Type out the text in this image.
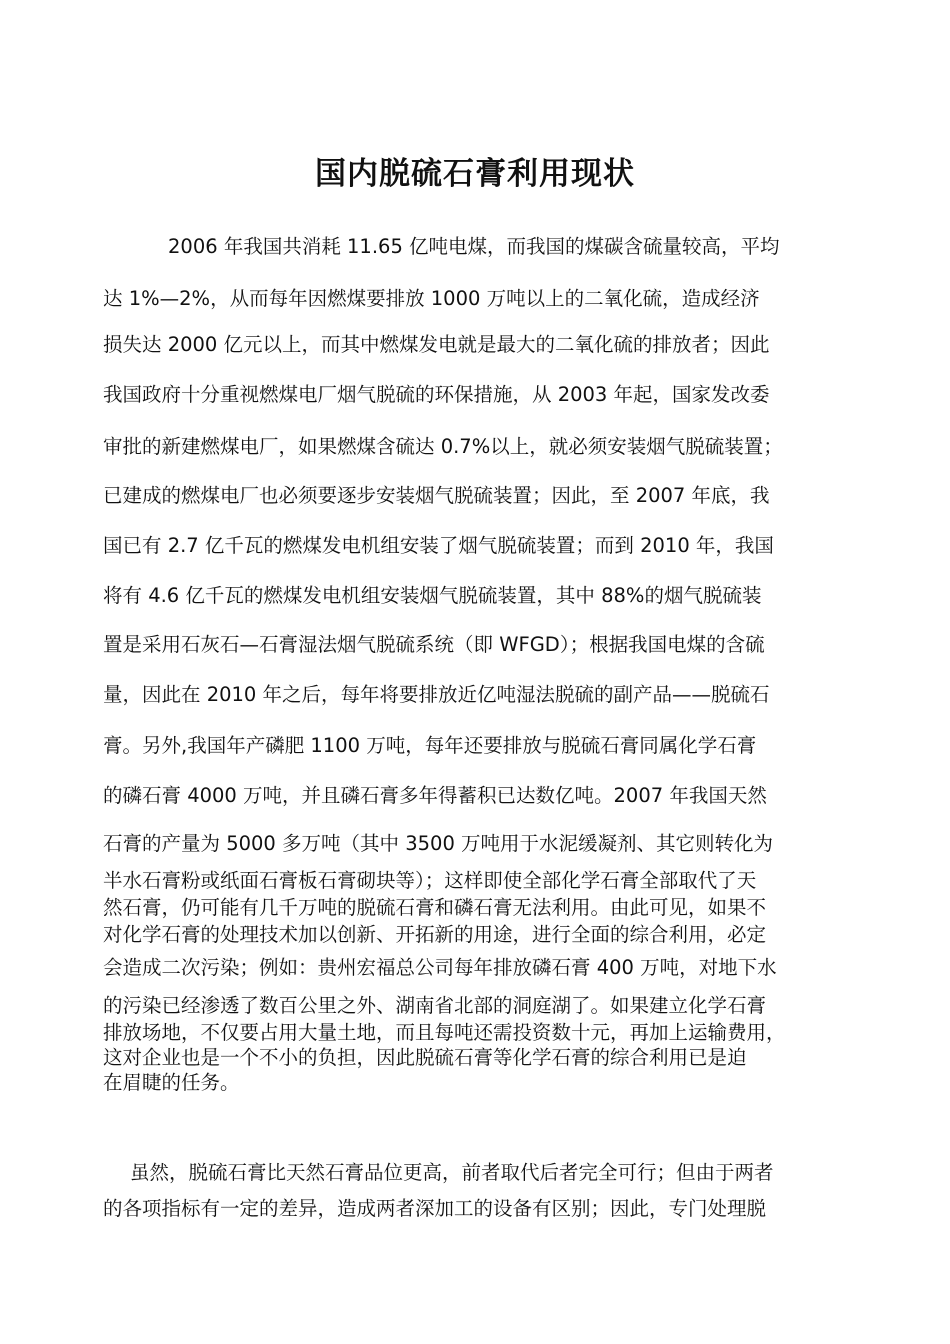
国内脱硫石膏利用现状
2006 年我国共消耗 11.65 亿吨电煤，而我国的煤碳含硫量较高，平均
达 1%—2%，从而每年因燃煤要排放 1000 万吨以上的二氧化硫，造成经济
损失达 2000 亿元以上，而其中燃煤发电就是最大的二氧化硫的排放者；因此
我国政府十分重视燃煤电厂烟气脱硫的环保措施，从 2003 年起，国家发改委
审批的新建燃煤电厂，如果燃煤含硫达 0.7%以上，就必须安装烟气脱硫装置；
已建成的燃煤电厂也必须要逐步安装烟气脱硫装置；因此，至 2007 年底，我
国已有 2.7 亿千瓦的燃煤发电机组安装了烟气脱硫装置；而到 2010 年，我国
将有 4.6 亿千瓦的燃煤发电机组安装烟气脱硫装置，其中 88%的烟气脱硫装
置是采用石灰石—石膏湿法烟气脱硫系统（即 WFGD）；根据我国电煤的含硫
量，因此在 2010 年之后，每年将要排放近亿吨湿法脱硫的副产品——脱硫石
膏。另外,我国年产磷肥 1100 万吨，每年还要排放与脱硫石膏同属化学石膏
的磷石膏 4000 万吨，并且磷石膏多年得蓄积已达数亿吨。2007 年我国天然
石膏的产量为 5000 多万吨（其中 3500 万吨用于水泥缓凝剂、其它则转化为
半水石膏粉或纸面石膏板石膏砌块等）；这样即使全部化学石膏全部取代了天
然石膏，仍可能有几千万吨的脱硫石膏和磷石膏无法利用。由此可见，如果不
对化学石膏的处理技术加以创新、开拓新的用途，进行全面的综合利用，必定
会造成二次污染；例如：贵州宏福总公司每年排放磷石膏 400 万吨，对地下水
的污染已经渗透了数百公里之外、湖南省北部的洞庭湖了。如果建立化学石膏
排放场地，不仅要占用大量土地，而且每吨还需投资数十元，再加上运输费用，
这对企业也是一个不小的负担，因此脱硫石膏等化学石膏的综合利用已是迫
在眉睫的任务。
虽然，脱硫石膏比天然石膏品位更高，前者取代后者完全可行；但由于两者
的各项指标有一定的差异，造成两者深加工的设备有区别；因此，专门处理脱
